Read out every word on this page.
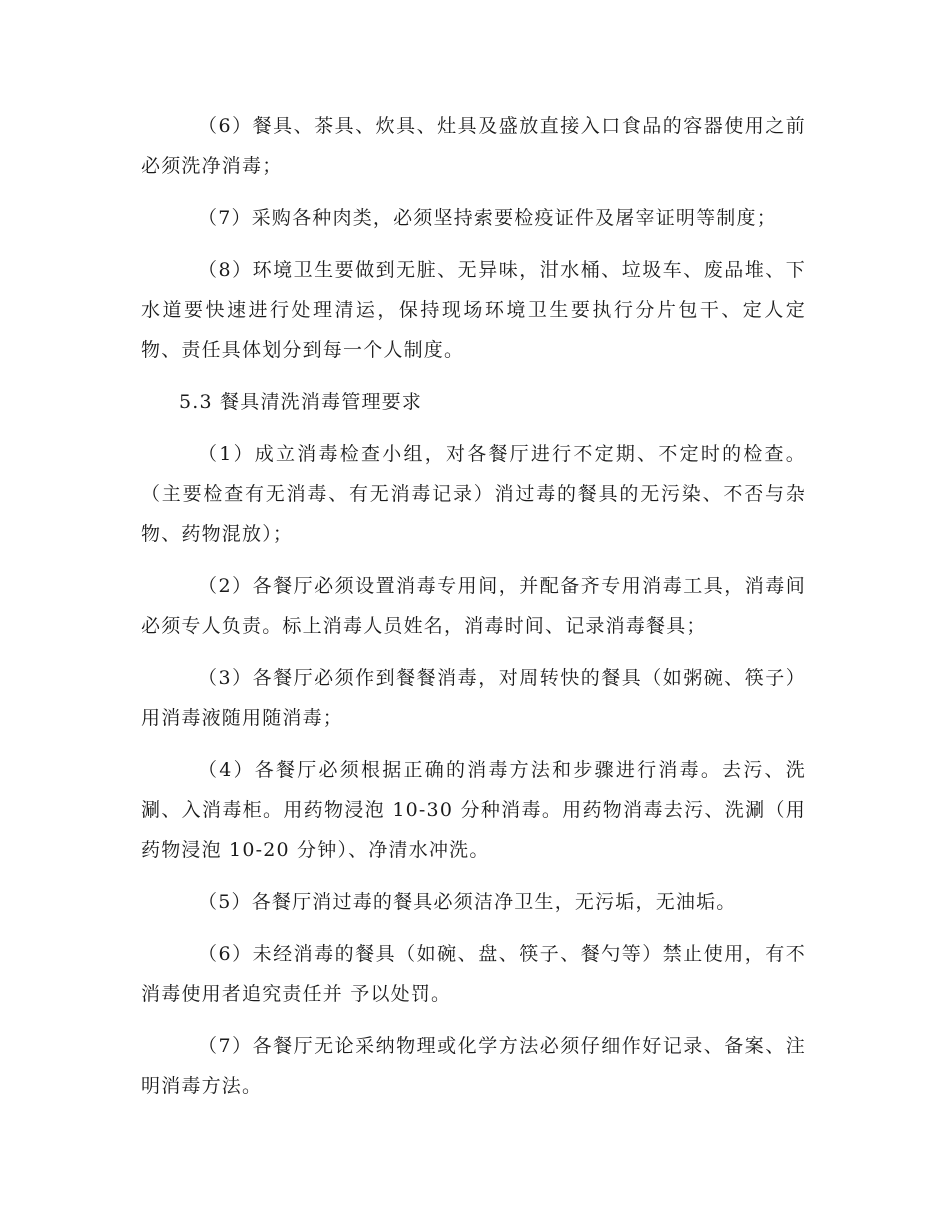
（6）餐具、茶具、炊具、灶具及盛放直接入口食品的容器使用之前必须洗净消毒；

（7）采购各种肉类，必须坚持索要检疫证件及屠宰证明等制度；

（8）环境卫生要做到无脏、无异味，泔水桶、垃圾车、废品堆、下水道要快速进行处理清运，保持现场环境卫生要执行分片包干、定人定物、责任具体划分到每一个人制度。

5.3 餐具清洗消毒管理要求

（1）成立消毒检查小组，对各餐厅进行不定期、不定时的检查。（主要检查有无消毒、有无消毒记录）消过毒的餐具的无污染、不否与杂物、药物混放）；

（2）各餐厅必须设置消毒专用间，并配备齐专用消毒工具，消毒间必须专人负责。标上消毒人员姓名，消毒时间、记录消毒餐具；

（3）各餐厅必须作到餐餐消毒，对周转快的餐具（如粥碗、筷子）用消毒液随用随消毒；

（4）各餐厅必须根据正确的消毒方法和步骤进行消毒。去污、洗涮、入消毒柜。用药物浸泡 10-30 分种消毒。用药物消毒去污、洗涮（用药物浸泡 10-20 分钟）、净清水冲洗。

（5）各餐厅消过毒的餐具必须洁净卫生，无污垢，无油垢。

（6）未经消毒的餐具（如碗、盘、筷子、餐勺等）禁止使用，有不消毒使用者追究责任并 予以处罚。

（7）各餐厅无论采纳物理或化学方法必须仔细作好记录、备案、注明消毒方法。
